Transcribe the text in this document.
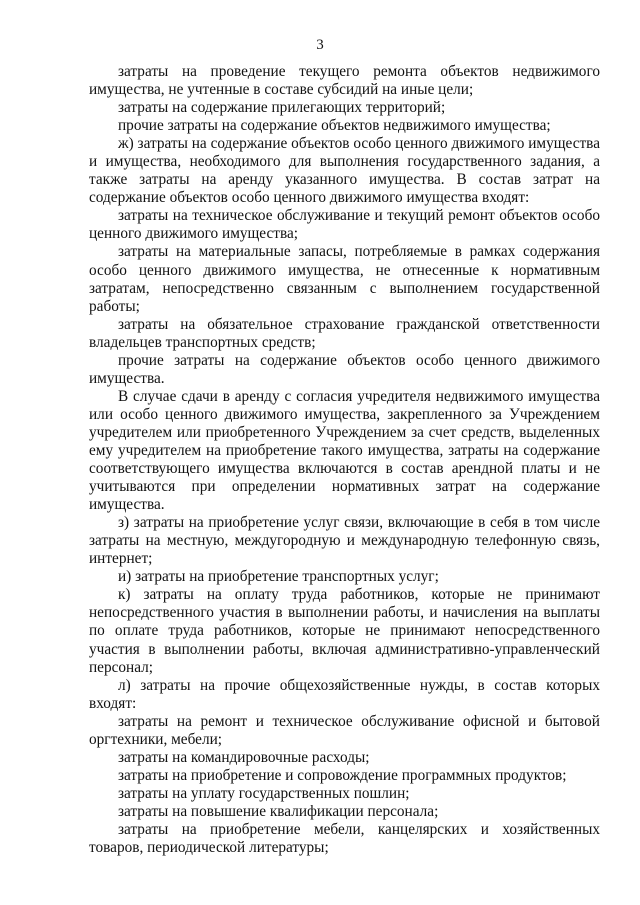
3

затраты на проведение текущего ремонта объектов недвижимого имущества, не учтенные в составе субсидий на иные цели;

затраты на содержание прилегающих территорий;

прочие затраты на содержание объектов недвижимого имущества;

ж) затраты на содержание объектов особо ценного движимого имущества и имущества, необходимого для выполнения государственного задания, а также затраты на аренду указанного имущества. В состав затрат на содержание объектов особо ценного движимого имущества входят:

затраты на техническое обслуживание и текущий ремонт объектов особо ценного движимого имущества;

затраты на материальные запасы, потребляемые в рамках содержания особо ценного движимого имущества, не отнесенные к нормативным затратам, непосредственно связанным с выполнением государственной работы;

затраты на обязательное страхование гражданской ответственности владельцев транспортных средств;

прочие затраты на содержание объектов особо ценного движимого имущества.

В случае сдачи в аренду с согласия учредителя недвижимого имущества или особо ценного движимого имущества, закрепленного за Учреждением учредителем или приобретенного Учреждением за счет средств, выделенных ему учредителем на приобретение такого имущества, затраты на содержание соответствующего имущества включаются в состав арендной платы и не учитываются при определении нормативных затрат на содержание имущества.

з) затраты на приобретение услуг связи, включающие в себя в том числе затраты на местную, междугородную и международную телефонную связь, интернет;

и) затраты на приобретение транспортных услуг;

к) затраты на оплату труда работников, которые не принимают непосредственного участия в выполнении работы, и начисления на выплаты по оплате труда работников, которые не принимают непосредственного участия в выполнении работы, включая административно-управленческий персонал;

л) затраты на прочие общехозяйственные нужды, в состав которых входят:

затраты на ремонт и техническое обслуживание офисной и бытовой оргтехники, мебели;

затраты на командировочные расходы;

затраты на приобретение и сопровождение программных продуктов;

затраты на уплату государственных пошлин;

затраты на повышение квалификации персонала;

затраты на приобретение мебели, канцелярских и хозяйственных товаров, периодической литературы;
